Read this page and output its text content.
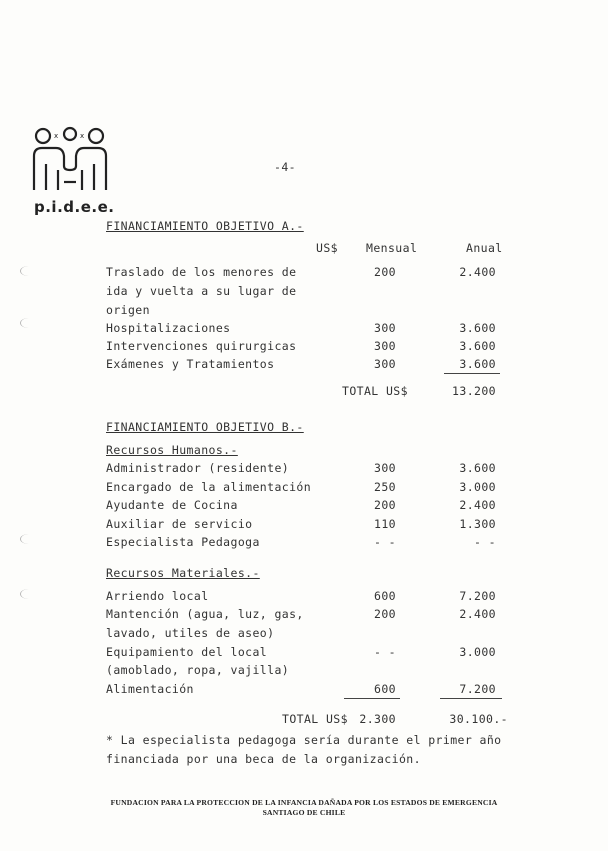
x	x
p.i.d.e.e.
-4-
FINANCIAMIENTO OBJETIVO A.-
US$ Mensual	Anual
Traslado de los menores de
ida y vuelta a su lugar de
origen
200	2.400
Hospitalizaciones	300	3.600
Intervenciones quirurgicas	300	3.600
Exámenes y Tratamientos	300	3.600
TOTAL US$	13.200
FINANCIAMIENTO OBJETIVO B.-
Recursos Humanos.-
Administrador (residente)	300	3.600
Encargado de la alimentación	250	3.000
Ayudante de Cocina	200	2.400
Auxiliar de servicio	110	1.300
Especialista Pedagoga	- -	- -
Recursos Materiales.-
Arriendo local	600	7.200
Mantención (agua, luz, gas,
lavado, utiles de aseo)
200	2.400
Equipamiento del local
(amoblado, ropa, vajilla)
- -	3.000
Alimentación	600	7.200
TOTAL US$ 2.300	30.100.-
* La especialista pedagoga sería durante el primer año
financiada por una beca de la organización.
FUNDACION PARA LA PROTECCION DE LA INFANCIA DAÑADA POR LOS ESTADOS DE EMERGENCIA
SANTIAGO DE CHILE
